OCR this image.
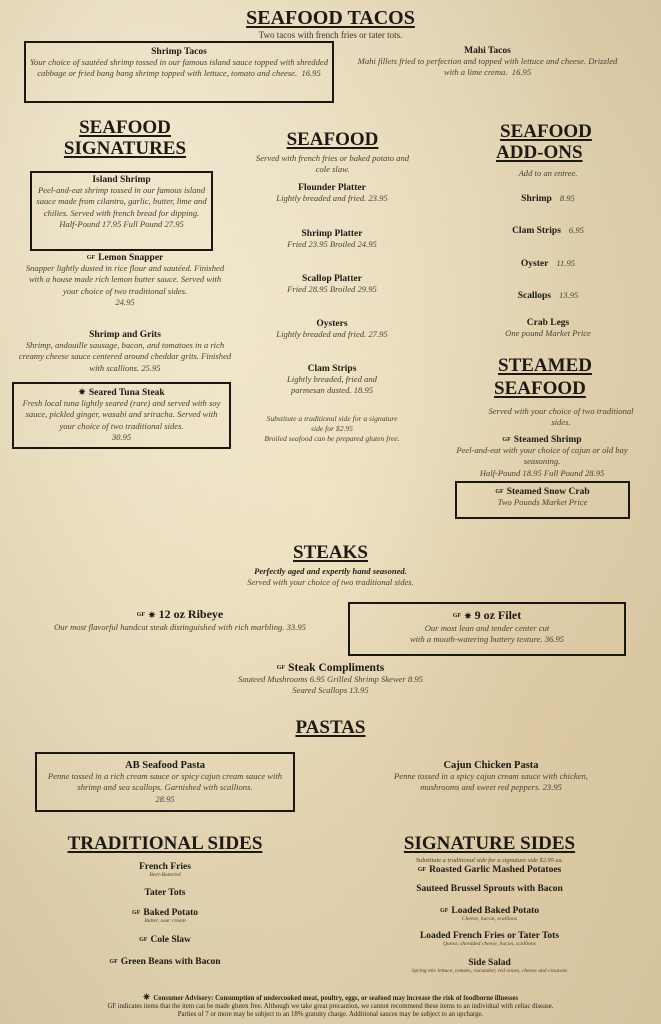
SEAFOOD TACOS
Two tacos with french fries or tater tots.
Shrimp Tacos
Your choice of sautéed shrimp tossed in our famous island sauce topped with shredded cabbage or fried bang bang shrimp topped with lettuce, tomato and cheese. 16.95
Mahi Tacos
Mahi fillets fried to perfection and topped with lettuce and cheese. Drizzled with a lime crema. 16.95
SEAFOOD
SIGNATURES
Island Shrimp
Peel-and-eat shrimp tossed in our famous island sauce made from cilantro, garlic, butter, lime and chilies. Served with french bread for dipping.
Half-Pound 17.95 Full Pound 27.95
GF Lemon Snapper
Snapper lightly dusted in rice flour and sautéed. Finished with a house made rich lemon butter sauce. Served with your choice of two traditional sides.
24.95
Shrimp and Grits
Shrimp, andouille sausage, bacon, and tomatoes in a rich creamy cheese sauce centered around cheddar grits. Finished with scallions. 25.95
✷ Seared Tuna Steak
Fresh local tuna lightly seared (rare) and served with soy sauce, pickled ginger, wasabi and sriracha. Served with your choice of two traditional sides.
30.95
SEAFOOD
Served with french fries or baked potato and cole slaw.
Flounder Platter
Lightly breaded and fried. 23.95
Shrimp Platter
Fried 23.95 Broiled 24.95
Scallop Platter
Fried 28.95 Broiled 29.95
Oysters
Lightly breaded and fried. 27.95
Clam Strips
Lightly breaded, fried and parmesan dusted. 18.95
Substitute a traditional side for a signature side for $2.95
Broiled seafood can be prepared gluten free.
SEAFOOD
ADD-ONS
Add to an entree.
Shrimp 8.95
Clam Strips 6.95
Oyster 11.95
Scallops 13.95
Crab Legs
One pound Market Price
STEAMED
SEAFOOD
Served with your choice of two traditional sides.
GF Steamed Shrimp
Peel-and-eat with your choice of cajun or old bay seasoning.
Half-Pound 18.95 Full Pound 28.95
GF Steamed Snow Crab
Two Pounds Market Price
STEAKS
Perfectly aged and expertly hand seasoned.
Served with your choice of two traditional sides.
GF ✷ 12 oz Ribeye
Our most flavorful handcut steak distinguished with rich marbling. 33.95
GF ✷ 9 oz Filet
Our most lean and tender center cut
with a mouth-watering buttery texture. 36.95
GF Steak Compliments
Sauteed Mushrooms 6.95 Grilled Shrimp Skewer 8.95
Seared Scallops 13.95
PASTAS
AB Seafood Pasta
Penne tossed in a rich cream sauce or spicy cajun cream sauce with shrimp and sea scallops. Garnished with scallions.
28.95
Cajun Chicken Pasta
Penne tossed in a spicy cajun cream sauce with chicken, mushrooms and sweet red peppers. 23.95
TRADITIONAL SIDES
French Fries
Beer-Battered
Tater Tots
GF Baked Potato
Butter, sour cream
GF Cole Slaw
GF Green Beans with Bacon
SIGNATURE SIDES
Substitute a traditional side for a signature side $2.95 ea.
GF Roasted Garlic Mashed Potatoes
Sauteed Brussel Sprouts with Bacon
GF Loaded Baked Potato
Cheese, bacon, scallions
Loaded French Fries or Tater Tots
Queso, shredded cheese, bacon, scallions
Side Salad
Spring mix lettuce, tomato, cucumber, red onion, cheese and croutons
✷ Consumer Advisory: Consumption of undercooked meat, poultry, eggs, or seafood may increase the risk of foodborne illnesses
GF indicates items that the item can be made gluten free. Although we take great precaution, we cannot recommend these items to an individual with celiac disease.
Parties of 7 or more may be subject to an 18% gratuity charge. Additional sauces may be subject to an upcharge.
